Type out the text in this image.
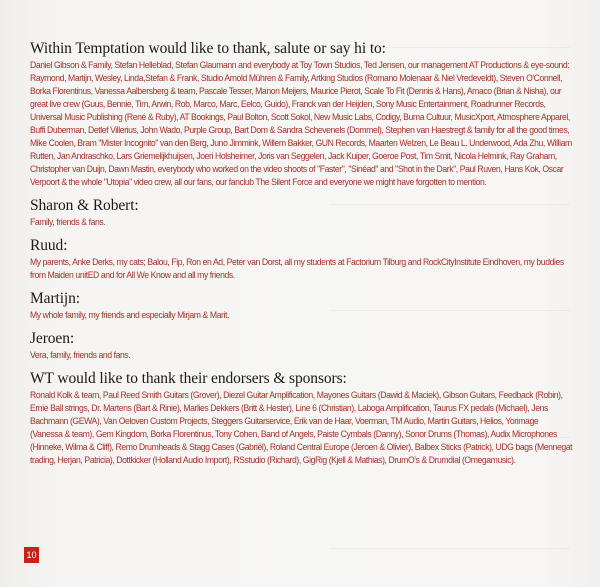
Within Temptation would like to thank, salute or say hi to:

Daniel Gibson & Family, Stefan Helleblad, Stefan Glaumann and everybody at Toy Town Studios, Ted Jensen, our management AT Productions & eye-sound: Raymond, Martijn, Wesley, Linda,Stefan & Frank, Studio Arnold Mühren & Family, Artking Studios (Romano Molenaar & Niel Vredeveldt), Steven O'Connell, Borka Florentinus, Vanessa Aalbersberg & team, Pascale Tesser, Manon Meijers, Maurice Pierot, Scale To Fit (Dennis & Hans), Amaco (Brian & Nisha), our great live crew (Guus, Bennie, Tim, Arwin, Rob, Marco, Marc, Eelco, Guido), Franck van der Heijden, Sony Music Entertainment, Roadrunner Records, Universal Music Publishing (René & Ruby), AT Bookings, Paul Bolton, Scott Sokol, New Music Labs, Codigy, Buma Cultuur, MusicXport, Atmosphere Apparel, Buffi Duberman, Detlef Villerius, John Wado, Purple Group, Bart Dom & Sandra Schevenels (Dommel), Stephen van Haestregt & family for all the good times, Mike Coolen, Bram "Mister Incognito" van den Berg, Juno Jimmink, Willem Bakker, GUN Records, Maarten Welzen, Le Beau L. Underwood, Ada Zhu, William Rutten, Jan Andraschko, Lars Griemelijkhuijsen, Joeri Holsheimer, Joris van Seggelen, Jack Kuiper, Goeroe Post, Tim Smit, Nicola Helmink, Ray Graham, Christopher van Duijn, Dawn Mastin, everybody who worked on the video shoots of "Faster", "Sinéad" and "Shot in the Dark", Paul Ruven, Hans Kok, Oscar Verpoort & the whole "Utopia" video crew, all our fans, our fanclub The Silent Force and everyone we might have forgotten to mention.

Sharon & Robert:

Family, friends & fans.

Ruud:

My parents, Anke Derks, my cats; Balou, Fip, Ron en Ad, Peter van Dorst, all my students at Factorium Tilburg and RockCityInstitute Eindhoven, my buddies from Maiden unitED and for All We Know and all my friends.

Martijn:

My whole family, my friends and especially Mirjam & Marit.

Jeroen:

Vera, family, friends and fans.

WT would like to thank their endorsers & sponsors:

Ronald Kolk & team, Paul Reed Smith Guitars (Grover), Diezel Guitar Amplification, Mayones Guitars (Dawid & Maciek), Gibson Guitars, Feedback (Robin), Ernie Ball strings, Dr. Martens (Bart & Rinie), Marlies Dekkers (Britt & Hester), Line 6 (Christian), Laboga Amplification, Taurus FX pedals (Michael), Jens Bachmann (GEWA), Van Oeloven Custom Projects, Steggers Guitarservice, Erik van de Haar, Voerman, TM Audio, Martin Guitars, Helios, Yorimage (Vanessa & team), Gem Kingdom, Borka Florentinus, Tony Cohen, Band of Angels, Paiste Cymbals (Danny), Sonor Drums (Thomas), Audix Microphones (Hinneke, Wilma & Cliff), Remo Drumheads & Stagg Cases (Gabriël), Roland Central Europe (Jeroen & Olivier), Balbex Sticks (Patrick), UDG bags (Mennegat trading, Herjan, Patricia), Dottkicker (Holland Audio Import), RSstudio (Richard), GigRig (Kjell & Mathias), DrumO's & Drumdial (Omegamusic).

10
